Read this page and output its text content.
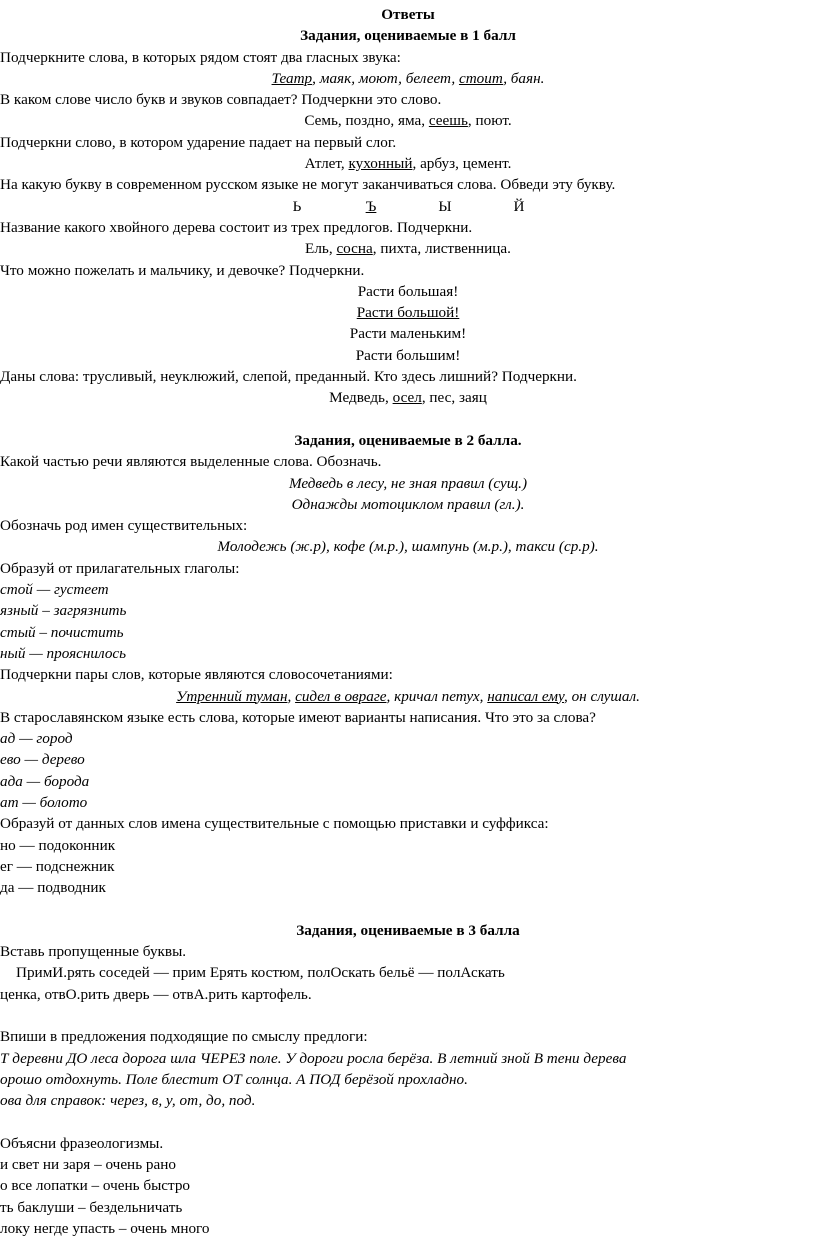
Ответы
Задания, оцениваемые в 1 балл
Подчеркните слова, в которых рядом стоят два гласных звука:
Театр, маяк, моют, белеет, стоит, баян.
В каком слове число букв и звуков совпадает? Подчеркни это слово.
Семь, поздно, яма, сеешь, поют.
Подчеркни слово, в котором ударение падает на первый слог.
Атлет, кухонный, арбуз, цемент.
На какую букву в современном русском языке не могут заканчиваться слова. Обведи эту букву.
Ь	Ъ	Ы	Й
Название какого хвойного дерева состоит из трех предлогов. Подчеркни.
Ель, сосна, пихта, лиственница.
Что можно пожелать и мальчику, и девочке? Подчеркни.
Расти большая!
Расти большой!
Расти маленьким!
Расти большим!
Даны слова: трусливый, неуклюжий, слепой, преданный. Кто здесь лишний? Подчеркни.
Медведь, осел, пес, заяц
Задания, оцениваемые в 2 балла.
Какой частью речи являются выделенные слова. Обозначь.
Медведь в лесу, не зная правил (сущ.)
Однажды мотоциклом правил (гл.).
Обозначь род имен существительных:
Молодежь (ж.р), кофе (м.р.), шампунь (м.р.), такси (ср.р).
Образуй от прилагательных глаголы:
стой — густеет
язный – загрязнить
стый – почистить
ный — прояснилось
Подчеркни пары слов, которые являются словосочетаниями:
Утренний туман, сидел в овраге, кричал петух, написал ему, он слушал.
В старославянском языке есть слова, которые имеют варианты написания. Что это за слова?
ад — город
ево — дерево
ада — борода
ат — болото
Образуй от данных слов имена существительные с помощью приставки и суффикса:
но — подоконник
ег — подснежник
да — подводник
Задания, оцениваемые в 3 балла
Вставь пропущенные буквы.
ПримИ.рять соседей — прим Ерять костюм, полОскать бельё — полАскать
ценка, отвО.рить дверь — отвА.рить картофель.
Впиши в предложения подходящие по смыслу предлоги:
Т деревни ДО леса дорога шла ЧЕРЕЗ поле. У дороги росла берёза. В летний зной В тени дерева
орошо отдохнуть. Поле блестит ОТ солнца. А ПОД берёзой прохладно.
ова для справок: через, в, у, от, до, под.
Объясни фразеологизмы.
и свет ни заря – очень рано
о все лопатки – очень быстро
ть баклуши – бездельничать
локу негде упасть – очень много
